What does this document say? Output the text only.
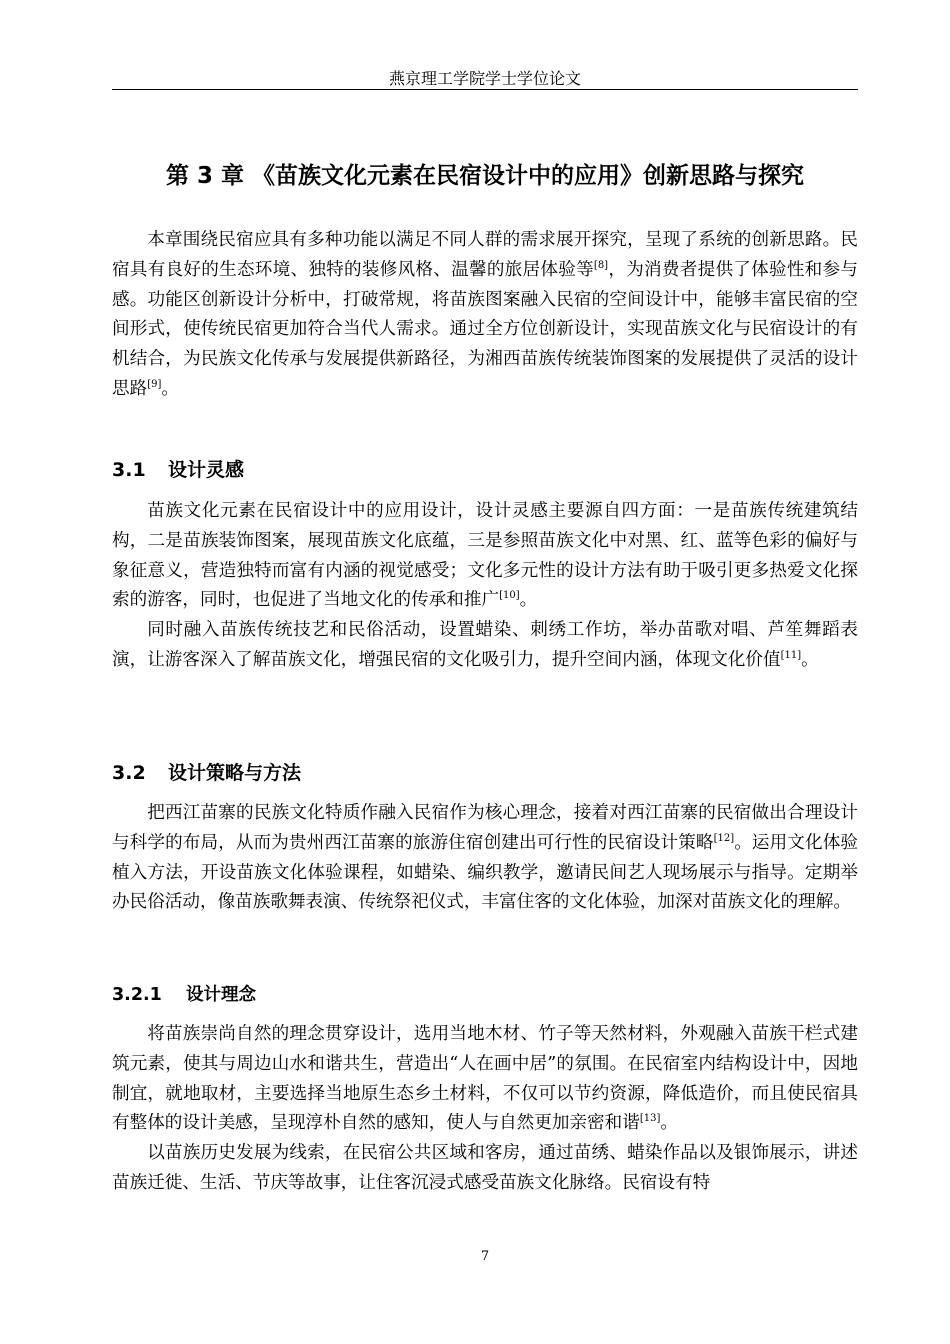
燕京理工学院学士学位论文
第 3 章 《苗族文化元素在民宿设计中的应用》创新思路与探究

本章围绕民宿应具有多种功能以满足不同人群的需求展开探究，呈现了系统的创新思路。民宿具有良好的生态环境、独特的装修风格、温馨的旅居体验等[8]，为消费者提供了体验性和参与感。功能区创新设计分析中，打破常规，将苗族图案融入民宿的空间设计中，能够丰富民宿的空间形式，使传统民宿更加符合当代人需求。通过全方位创新设计，实现苗族文化与民宿设计的有机结合，为民族文化传承与发展提供新路径，为湘西苗族传统装饰图案的发展提供了灵活的设计思路[9]。

3.1 设计灵感

苗族文化元素在民宿设计中的应用设计，设计灵感主要源自四方面：一是苗族传统建筑结构，二是苗族装饰图案，展现苗族文化底蕴，三是参照苗族文化中对黑、红、蓝等色彩的偏好与象征意义，营造独特而富有内涵的视觉感受；文化多元性的设计方法有助于吸引更多热爱文化探索的游客，同时，也促进了当地文化的传承和推广[10]。

同时融入苗族传统技艺和民俗活动，设置蜡染、刺绣工作坊，举办苗歌对唱、芦笙舞蹈表演，让游客深入了解苗族文化，增强民宿的文化吸引力，提升空间内涵，体现文化价值[11]。

3.2 设计策略与方法

把西江苗寨的民族文化特质作融入民宿作为核心理念，接着对西江苗寨的民宿做出合理设计与科学的布局，从而为贵州西江苗寨的旅游住宿创建出可行性的民宿设计策略[12]。运用文化体验植入方法，开设苗族文化体验课程，如蜡染、编织教学，邀请民间艺人现场展示与指导。定期举办民俗活动，像苗族歌舞表演、传统祭祀仪式，丰富住客的文化体验，加深对苗族文化的理解。

3.2.1 设计理念

将苗族崇尚自然的理念贯穿设计，选用当地木材、竹子等天然材料，外观融入苗族干栏式建筑元素，使其与周边山水和谐共生，营造出“人在画中居”的氛围。在民宿室内结构设计中，因地制宜，就地取材，主要选择当地原生态乡土材料，不仅可以节约资源，降低造价，而且使民宿具有整体的设计美感，呈现淳朴自然的感知，使人与自然更加亲密和谐[13]。

以苗族历史发展为线索，在民宿公共区域和客房，通过苗绣、蜡染作品以及银饰展示，讲述苗族迁徙、生活、节庆等故事，让住客沉浸式感受苗族文化脉络。民宿设有特

7
